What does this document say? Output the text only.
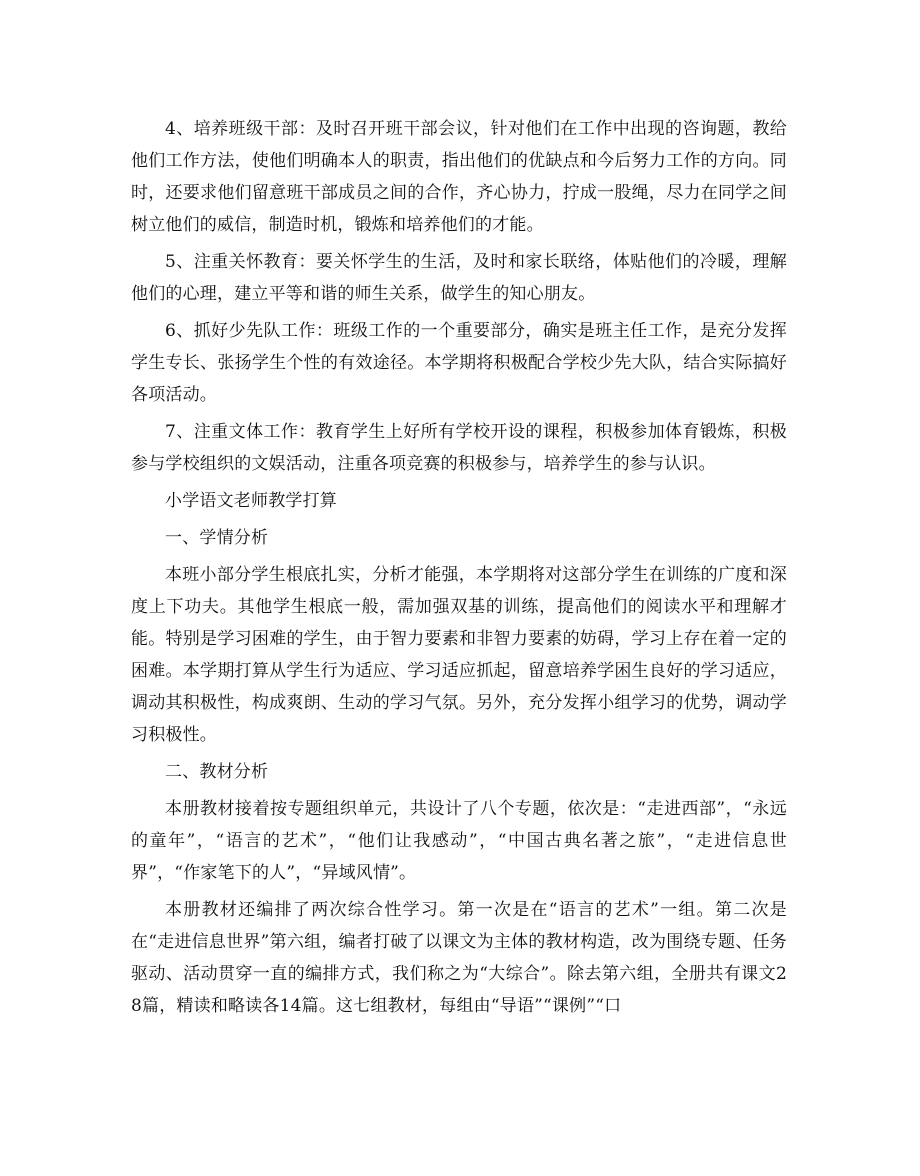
4、培养班级干部：及时召开班干部会议，针对他们在工作中出现的咨询题，教给他们工作方法，使他们明确本人的职责，指出他们的优缺点和今后努力工作的方向。同时，还要求他们留意班干部成员之间的合作，齐心协力，拧成一股绳，尽力在同学之间树立他们的威信，制造时机，锻炼和培养他们的才能。

5、注重关怀教育：要关怀学生的生活，及时和家长联络，体贴他们的冷暖，理解他们的心理，建立平等和谐的师生关系，做学生的知心朋友。

6、抓好少先队工作：班级工作的一个重要部分，确实是班主任工作，是充分发挥学生专长、张扬学生个性的有效途径。本学期将积极配合学校少先大队，结合实际搞好各项活动。

7、注重文体工作：教育学生上好所有学校开设的课程，积极参加体育锻炼，积极参与学校组织的文娱活动，注重各项竞赛的积极参与，培养学生的参与认识。

小学语文老师教学打算

一、学情分析

本班小部分学生根底扎实，分析才能强，本学期将对这部分学生在训练的广度和深度上下功夫。其他学生根底一般，需加强双基的训练，提高他们的阅读水平和理解才能。特别是学习困难的学生，由于智力要素和非智力要素的妨碍，学习上存在着一定的困难。本学期打算从学生行为适应、学习适应抓起，留意培养学困生良好的学习适应，调动其积极性，构成爽朗、生动的学习气氛。另外，充分发挥小组学习的优势，调动学习积极性。

二、教材分析

本册教材接着按专题组织单元，共设计了八个专题，依次是：“走进西部”，“永远的童年”，“语言的艺术”，“他们让我感动”，“中国古典名著之旅”，“走进信息世界”，“作家笔下的人”，“异域风情”。

本册教材还编排了两次综合性学习。第一次是在“语言的艺术”一组。第二次是在“走进信息世界”第六组，编者打破了以课文为主体的教材构造，改为围绕专题、任务驱动、活动贯穿一直的编排方式，我们称之为“大综合”。除去第六组，全册共有课文28篇，精读和略读各14篇。这七组教材，每组由“导语”“课例”“口
